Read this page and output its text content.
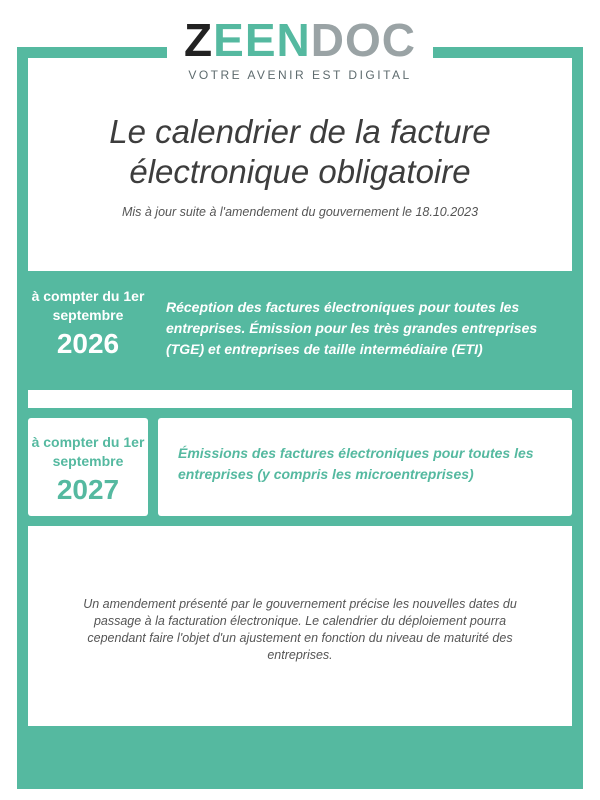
ZEENDOC
VOTRE AVENIR EST DIGITAL
Le calendrier de la facture électronique obligatoire
Mis à jour suite à l'amendement du gouvernement le 18.10.2023
à compter du 1er septembre
2026
Réception des factures électroniques pour toutes les entreprises. Émission pour les très grandes entreprises (TGE) et entreprises de taille intermédiaire (ETI)
à compter du 1er septembre
2027
Émissions des factures électroniques pour toutes les entreprises (y compris les microentreprises)
Un amendement présenté par le gouvernement précise les nouvelles dates du passage à la facturation électronique. Le calendrier du déploiement pourra cependant faire l'objet d'un ajustement en fonction du niveau de maturité des entreprises.
